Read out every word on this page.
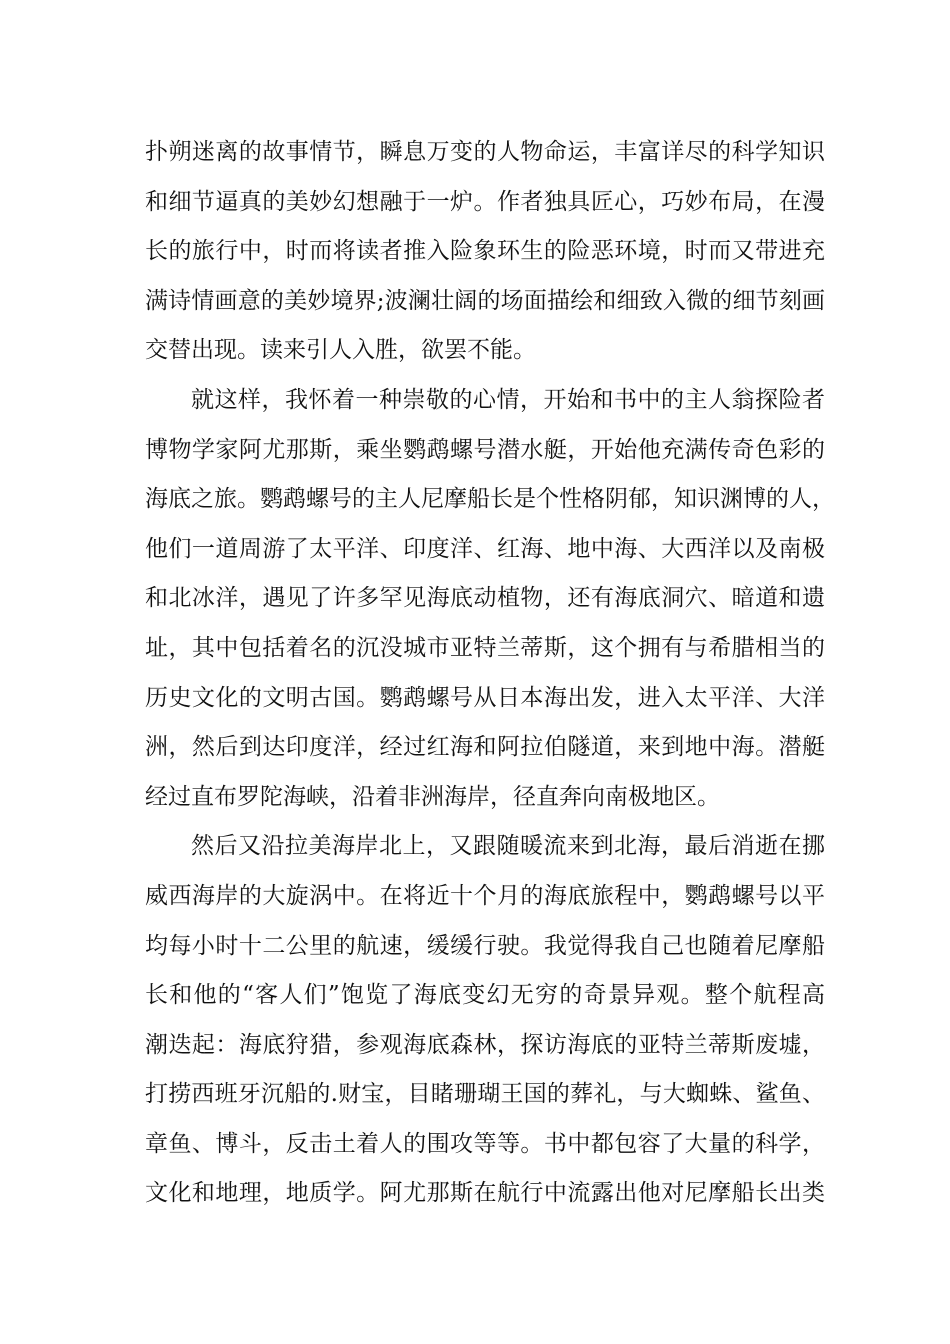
扑朔迷离的故事情节，瞬息万变的人物命运，丰富详尽的科学知识
和细节逼真的美妙幻想融于一炉。作者独具匠心，巧妙布局，在漫
长的旅行中，时而将读者推入险象环生的险恶环境，时而又带进充
满诗情画意的美妙境界;波澜壮阔的场面描绘和细致入微的细节刻画
交替出现。读来引人入胜，欲罢不能。
就这样，我怀着一种崇敬的心情，开始和书中的主人翁探险者
博物学家阿尤那斯，乘坐鹦鹉螺号潜水艇，开始他充满传奇色彩的
海底之旅。鹦鹉螺号的主人尼摩船长是个性格阴郁，知识渊博的人，
他们一道周游了太平洋、印度洋、红海、地中海、大西洋以及南极
和北冰洋，遇见了许多罕见海底动植物，还有海底洞穴、暗道和遗
址，其中包括着名的沉没城市亚特兰蒂斯，这个拥有与希腊相当的
历史文化的文明古国。鹦鹉螺号从日本海出发，进入太平洋、大洋
洲，然后到达印度洋，经过红海和阿拉伯隧道，来到地中海。潜艇
经过直布罗陀海峡，沿着非洲海岸，径直奔向南极地区。
然后又沿拉美海岸北上，又跟随暖流来到北海，最后消逝在挪
威西海岸的大旋涡中。在将近十个月的海底旅程中，鹦鹉螺号以平
均每小时十二公里的航速，缓缓行驶。我觉得我自己也随着尼摩船
长和他的“客人们”饱览了海底变幻无穷的奇景异观。整个航程高
潮迭起：海底狩猎，参观海底森林，探访海底的亚特兰蒂斯废墟，
打捞西班牙沉船的.财宝，目睹珊瑚王国的葬礼，与大蜘蛛、鲨鱼、
章鱼、博斗，反击土着人的围攻等等。书中都包容了大量的科学，
文化和地理，地质学。阿尤那斯在航行中流露出他对尼摩船长出类
